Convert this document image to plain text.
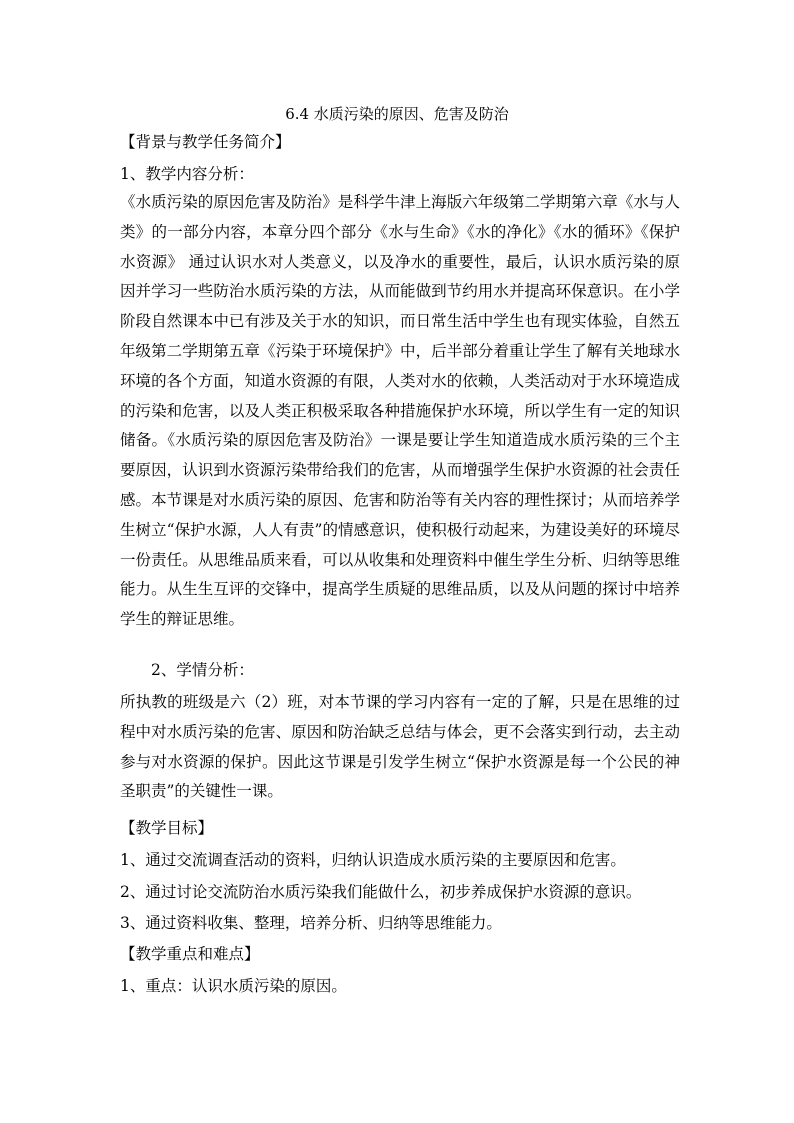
6.4 水质污染的原因、危害及防治

【背景与教学任务简介】

1、教学内容分析：

《水质污染的原因危害及防治》是科学牛津上海版六年级第二学期第六章《水与人类》的一部分内容，本章分四个部分《水与生命》《水的净化》《水的循环》《保护水资源》 通过认识水对人类意义，以及净水的重要性，最后，认识水质污染的原因并学习一些防治水质污染的方法，从而能做到节约用水并提高环保意识。在小学阶段自然课本中已有涉及关于水的知识，而日常生活中学生也有现实体验，自然五年级第二学期第五章《污染于环境保护》中，后半部分着重让学生了解有关地球水环境的各个方面，知道水资源的有限，人类对水的依赖，人类活动对于水环境造成的污染和危害，以及人类正积极采取各种措施保护水环境，所以学生有一定的知识储备。《水质污染的原因危害及防治》一课是要让学生知道造成水质污染的三个主要原因，认识到水资源污染带给我们的危害，从而增强学生保护水资源的社会责任感。本节课是对水质污染的原因、危害和防治等有关内容的理性探讨；从而培养学生树立“保护水源，人人有责”的情感意识，使积极行动起来，为建设美好的环境尽一份责任。从思维品质来看，可以从收集和处理资料中催生学生分析、归纳等思维能力。从生生互评的交锋中，提高学生质疑的思维品质，以及从问题的探讨中培养学生的辩证思维。

2、学情分析：

所执教的班级是六（2）班，对本节课的学习内容有一定的了解，只是在思维的过程中对水质污染的危害、原因和防治缺乏总结与体会，更不会落实到行动，去主动参与对水资源的保护。因此这节课是引发学生树立“保护水资源是每一个公民的神圣职责”的关键性一课。

【教学目标】

1、通过交流调查活动的资料，归纳认识造成水质污染的主要原因和危害。

2、通过讨论交流防治水质污染我们能做什么，初步养成保护水资源的意识。

3、通过资料收集、整理，培养分析、归纳等思维能力。

【教学重点和难点】

1、重点：认识水质污染的原因。
